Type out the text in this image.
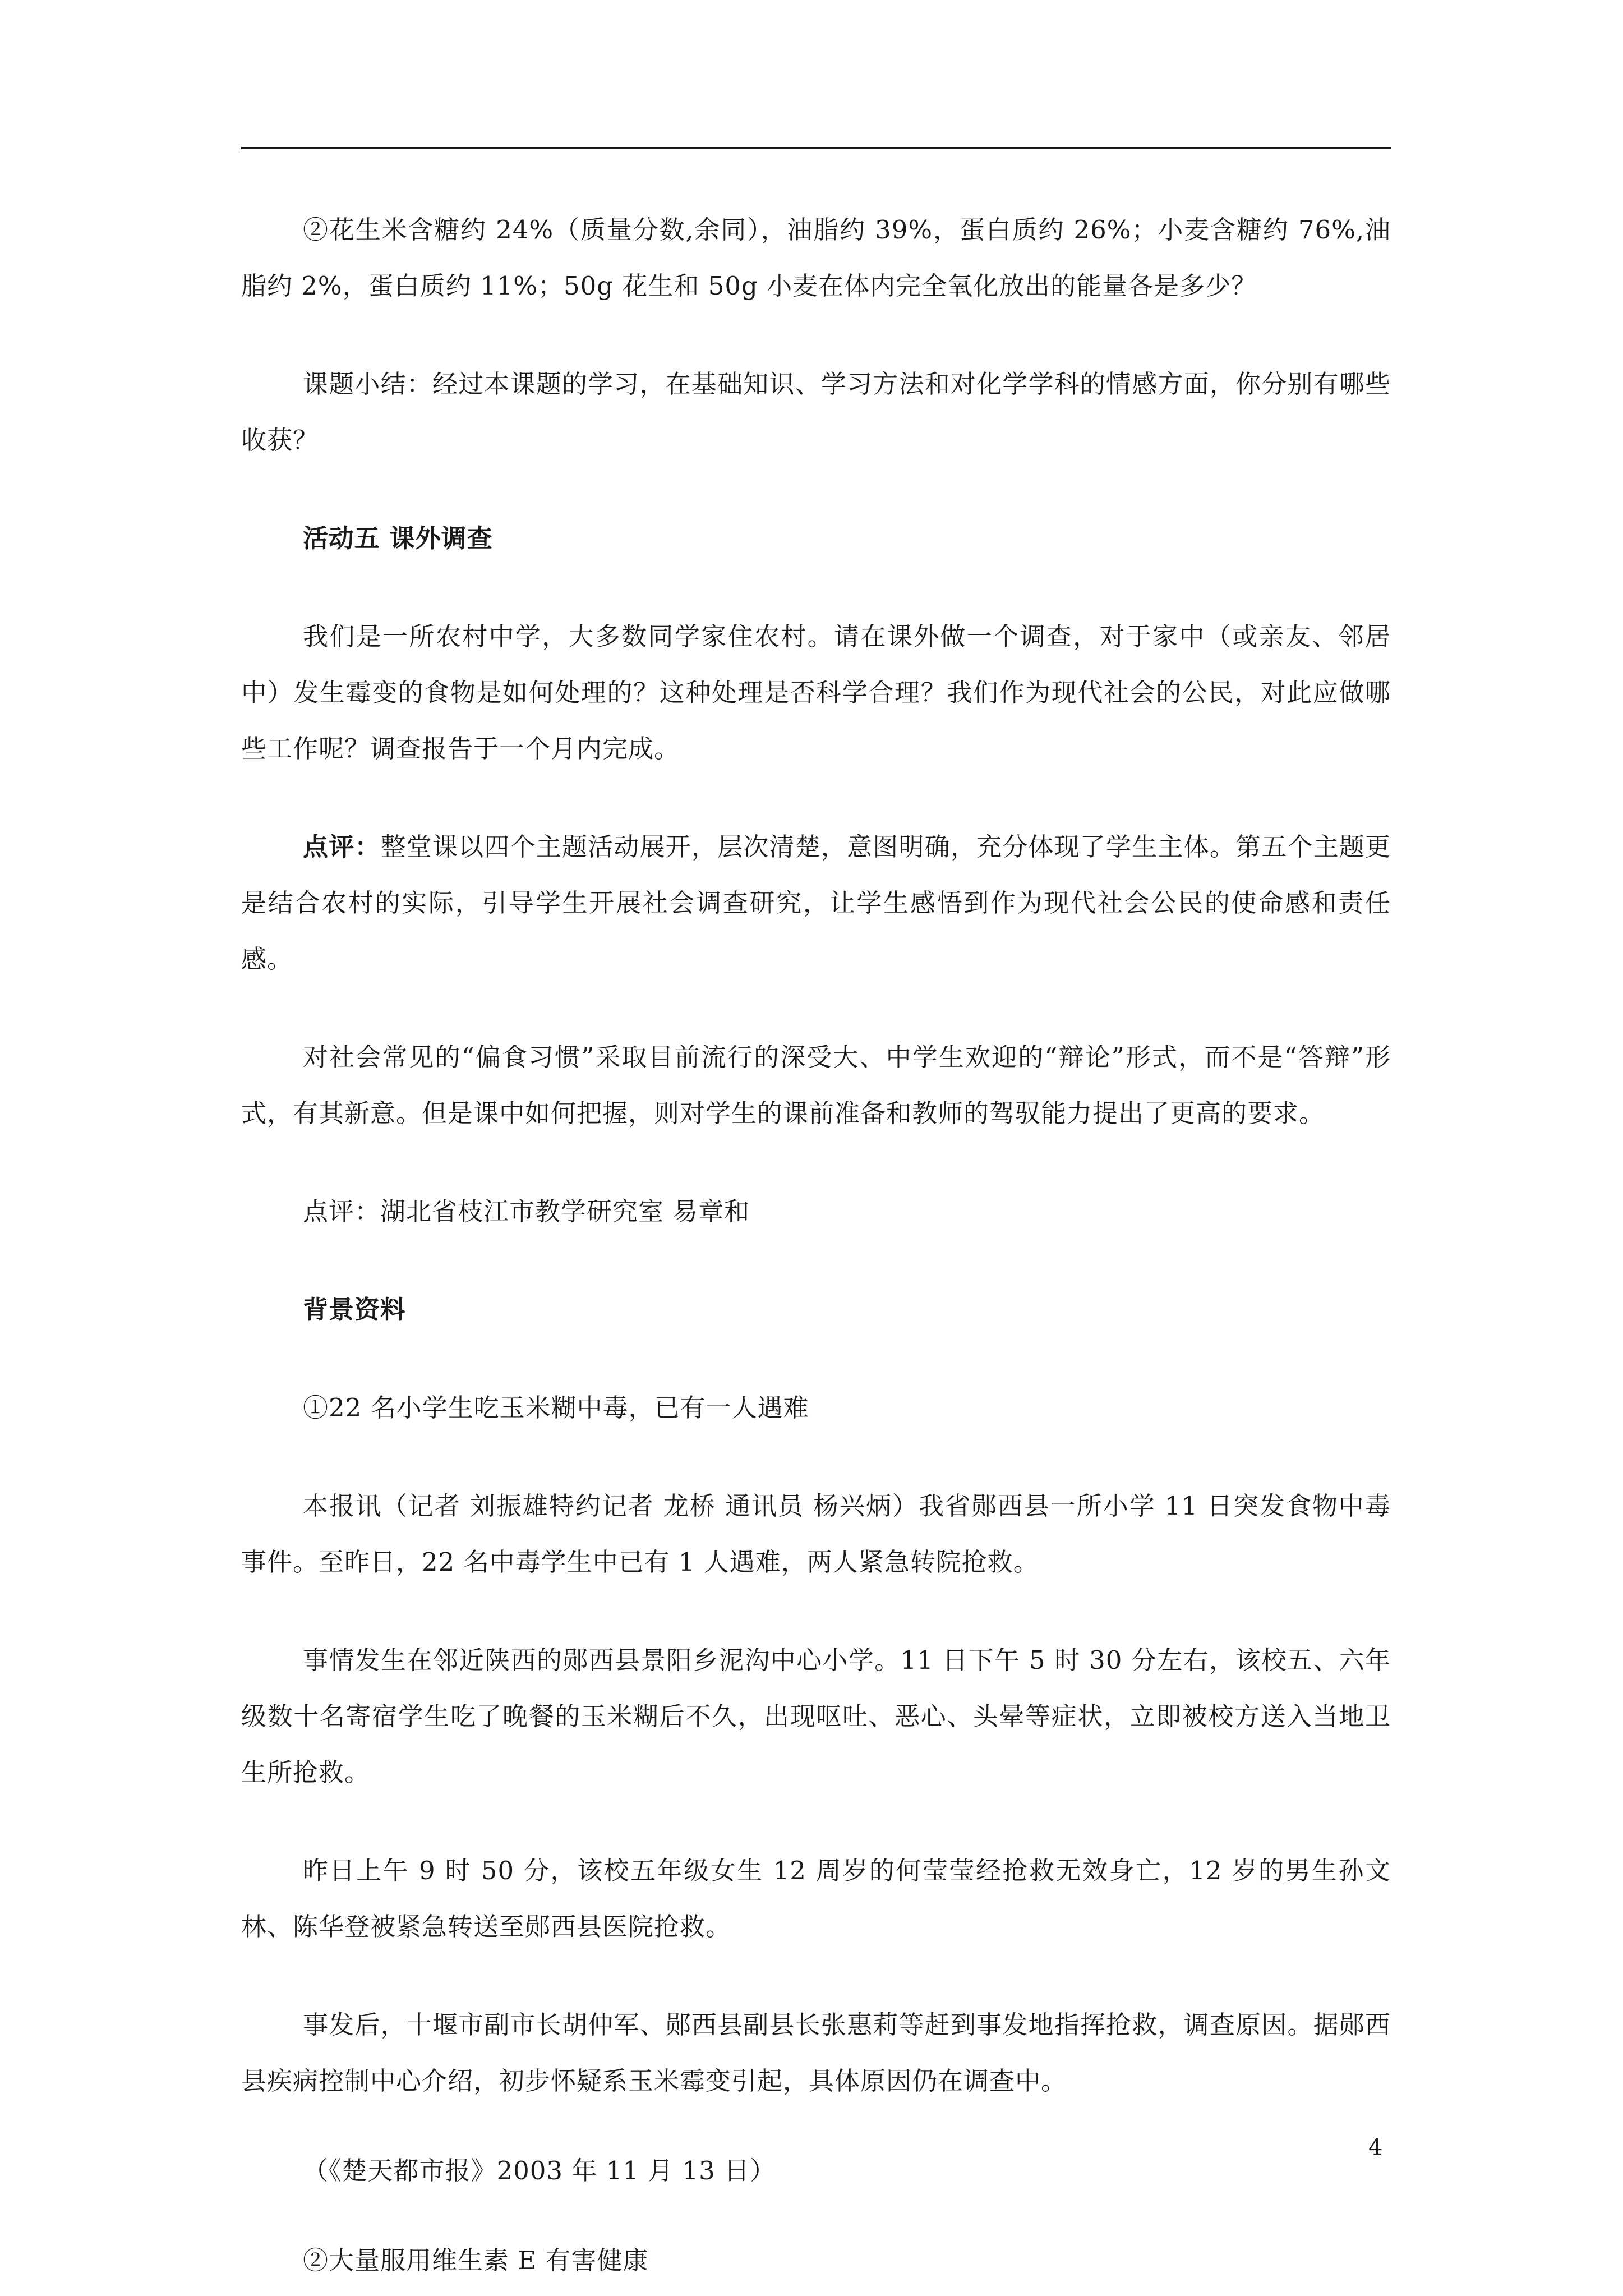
②花生米含糖约 24%（质量分数,余同），油脂约 39%，蛋白质约 26%；小麦含糖约 76%,油脂约 2%，蛋白质约 11%；50g 花生和 50g 小麦在体内完全氧化放出的能量各是多少？

课题小结：经过本课题的学习，在基础知识、学习方法和对化学学科的情感方面，你分别有哪些收获？

活动五 课外调查

我们是一所农村中学，大多数同学家住农村。请在课外做一个调查，对于家中（或亲友、邻居中）发生霉变的食物是如何处理的？这种处理是否科学合理？我们作为现代社会的公民，对此应做哪些工作呢？调查报告于一个月内完成。

点评：整堂课以四个主题活动展开，层次清楚，意图明确，充分体现了学生主体。第五个主题更是结合农村的实际，引导学生开展社会调查研究，让学生感悟到作为现代社会公民的使命感和责任感。

对社会常见的“偏食习惯”采取目前流行的深受大、中学生欢迎的“辩论”形式，而不是“答辩”形式，有其新意。但是课中如何把握，则对学生的课前准备和教师的驾驭能力提出了更高的要求。

点评：湖北省枝江市教学研究室 易章和

背景资料

①22 名小学生吃玉米糊中毒，已有一人遇难

本报讯（记者 刘振雄特约记者 龙桥 通讯员 杨兴炳）我省郧西县一所小学 11 日突发食物中毒事件。至昨日，22 名中毒学生中已有 1 人遇难，两人紧急转院抢救。

事情发生在邻近陕西的郧西县景阳乡泥沟中心小学。11 日下午 5 时 30 分左右，该校五、六年级数十名寄宿学生吃了晚餐的玉米糊后不久，出现呕吐、恶心、头晕等症状，立即被校方送入当地卫生所抢救。

昨日上午 9 时 50 分，该校五年级女生 12 周岁的何莹莹经抢救无效身亡，12 岁的男生孙文林、陈华登被紧急转送至郧西县医院抢救。

事发后，十堰市副市长胡仲军、郧西县副县长张惠莉等赶到事发地指挥抢救，调查原因。据郧西县疾病控制中心介绍，初步怀疑系玉米霉变引起，具体原因仍在调查中。

（《楚天都市报》2003 年 11 月 13 日）

②大量服用维生素 E 有害健康

4
